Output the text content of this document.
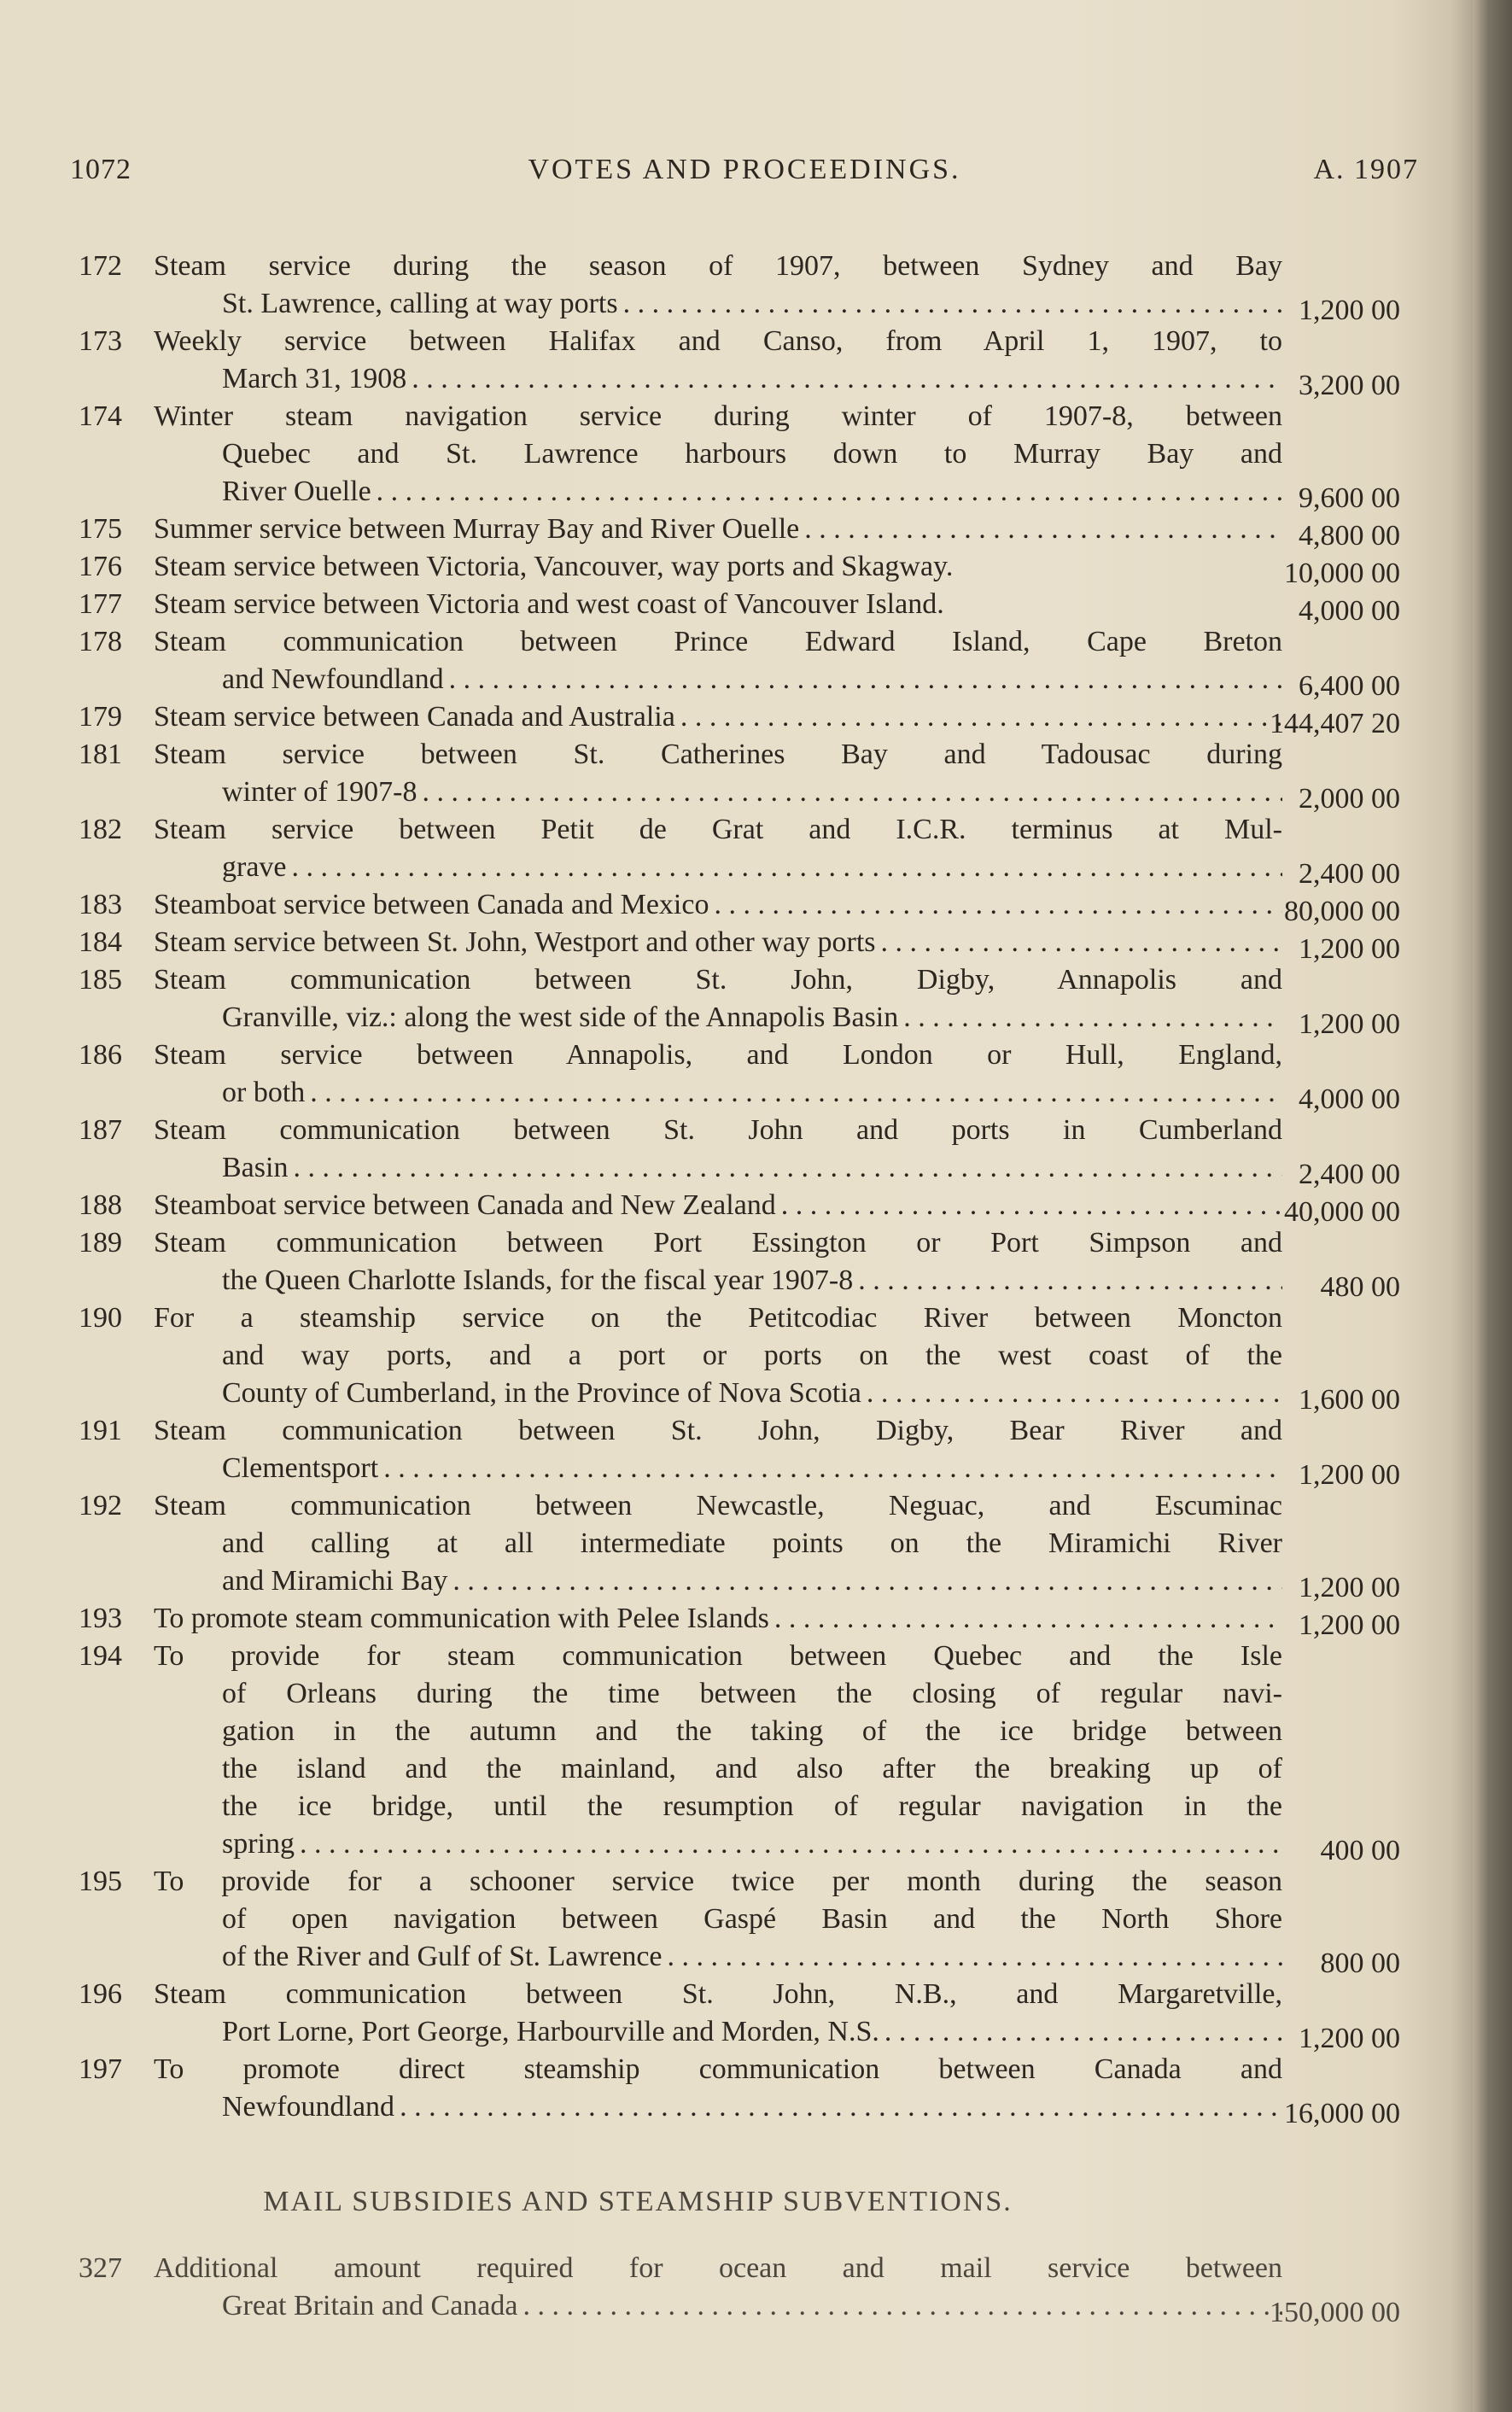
1072	VOTES AND PROCEEDINGS.	A. 1907
172	Steam service during the season of 1907, between Sydney and Bay
St. Lawrence, calling at way ports . . .	1,200 00
173	Weekly service between Halifax and Canso, from April 1, 1907, to
March 31, 1908 . . .	3,200 00
174	Winter steam navigation service during winter of 1907-8, between
Quebec and St. Lawrence harbours down to Murray Bay and
River Ouelle . . .	9,600 00
175	Summer service between Murray Bay and River Ouelle . . .	4,800 00
176	Steam service between Victoria, Vancouver, way ports and Skagway.	10,000 00
177	Steam service between Victoria and west coast of Vancouver Island.	4,000 00
178	Steam communication between Prince Edward Island, Cape Breton
and Newfoundland . . .	6,400 00
179	Steam service between Canada and Australia . . .	144,407 20
181	Steam service between St. Catherines Bay and Tadousac during
winter of 1907-8 . . .	2,000 00
182	Steam service between Petit de Grat and I.C.R. terminus at Mul-
grave . . .	2,400 00
183	Steamboat service between Canada and Mexico . . .	80,000 00
184	Steam service between St. John, Westport and other way ports . . .	1,200 00
185	Steam communication between St. John, Digby, Annapolis and
Granville, viz.: along the west side of the Annapolis Basin . . .	1,200 00
186	Steam service between Annapolis, and London or Hull, England,
or both . . .	4,000 00
187	Steam communication between St. John and ports in Cumberland
Basin . . .	2,400 00
188	Steamboat service between Canada and New Zealand . . .	40,000 00
189	Steam communication between Port Essington or Port Simpson and
the Queen Charlotte Islands, for the fiscal year 1907-8 . . .	480 00
190	For a steamship service on the Petitcodiac River between Moncton
and way ports, and a port or ports on the west coast of the
County of Cumberland, in the Province of Nova Scotia . . .	1,600 00
191	Steam communication between St. John, Digby, Bear River and
Clementsport . . .	1,200 00
192	Steam communication between Newcastle, Neguac, and Escuminac
and calling at all intermediate points on the Miramichi River
and Miramichi Bay . . .	1,200 00
193	To promote steam communication with Pelee Islands . . .	1,200 00
194	To provide for steam communication between Quebec and the Isle
of Orleans during the time between the closing of regular navi-
gation in the autumn and the taking of the ice bridge between
the island and the mainland, and also after the breaking up of
the ice bridge, until the resumption of regular navigation in the
spring . . .	400 00
195	To provide for a schooner service twice per month during the season
of open navigation between Gaspé Basin and the North Shore
of the River and Gulf of St. Lawrence . . .	800 00
196	Steam communication between St. John, N.B., and Margaretville,
Port Lorne, Port George, Harbourville and Morden, N.S. . . .	1,200 00
197	To promote direct steamship communication between Canada and
Newfoundland . . .	16,000 00
MAIL SUBSIDIES AND STEAMSHIP SUBVENTIONS.
327	Additional amount required for ocean and mail service between
Great Britain and Canada . . .	150,000 00
